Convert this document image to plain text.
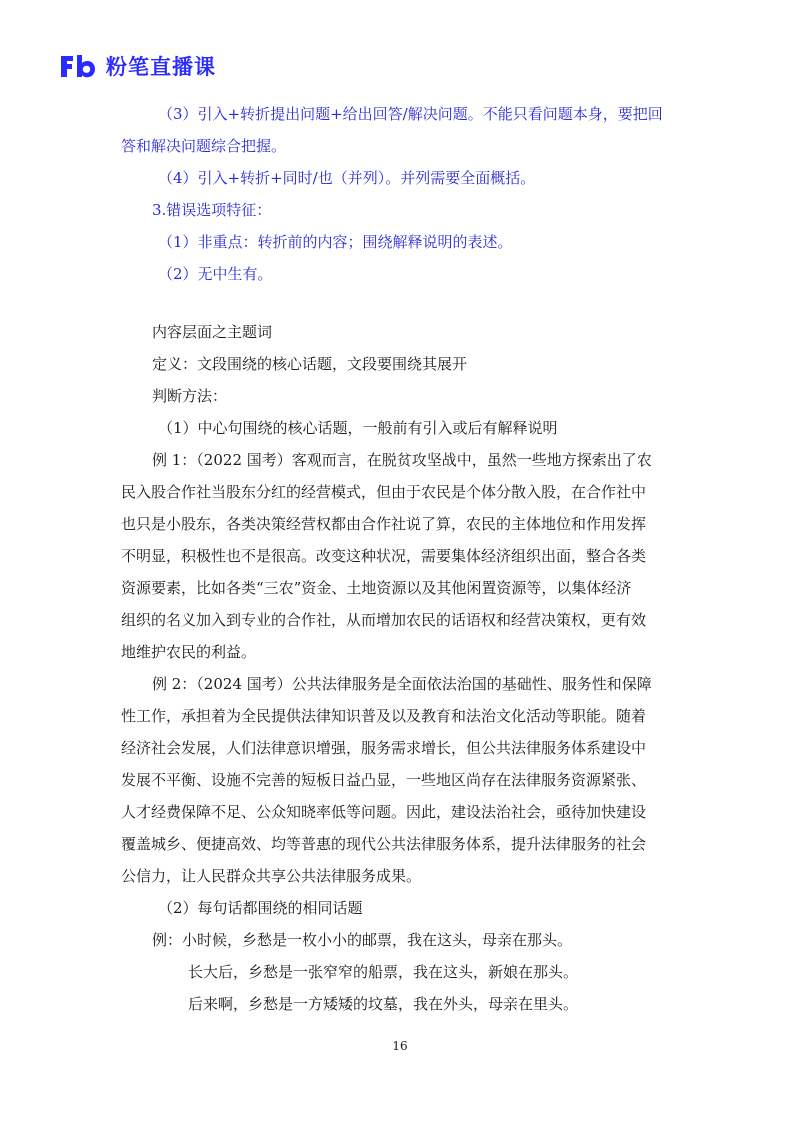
粉笔直播课
（3）引入+转折提出问题+给出回答/解决问题。不能只看问题本身，要把回
答和解决问题综合把握。
（4）引入+转折+同时/也（并列）。并列需要全面概括。
3.错误选项特征：
（1）非重点：转折前的内容；围绕解释说明的表述。
（2）无中生有。
内容层面之主题词
定义：文段围绕的核心话题，文段要围绕其展开
判断方法：
（1）中心句围绕的核心话题，一般前有引入或后有解释说明
例 1：（2022 国考）客观而言，在脱贫攻坚战中，虽然一些地方探索出了农
民入股合作社当股东分红的经营模式，但由于农民是个体分散入股，在合作社中
也只是小股东，各类决策经营权都由合作社说了算，农民的主体地位和作用发挥
不明显，积极性也不是很高。改变这种状况，需要集体经济组织出面，整合各类
资源要素，比如各类“三农”资金、土地资源以及其他闲置资源等，以集体经济
组织的名义加入到专业的合作社，从而增加农民的话语权和经营决策权，更有效
地维护农民的利益。
例 2：（2024 国考）公共法律服务是全面依法治国的基础性、服务性和保障
性工作，承担着为全民提供法律知识普及以及教育和法治文化活动等职能。随着
经济社会发展，人们法律意识增强，服务需求增长，但公共法律服务体系建设中
发展不平衡、设施不完善的短板日益凸显，一些地区尚存在法律服务资源紧张、
人才经费保障不足、公众知晓率低等问题。因此，建设法治社会，亟待加快建设
覆盖城乡、便捷高效、均等普惠的现代公共法律服务体系，提升法律服务的社会
公信力，让人民群众共享公共法律服务成果。
（2）每句话都围绕的相同话题
例：小时候，乡愁是一枚小小的邮票，我在这头，母亲在那头。
长大后，乡愁是一张窄窄的船票，我在这头，新娘在那头。
后来啊，乡愁是一方矮矮的坟墓，我在外头，母亲在里头。
16
